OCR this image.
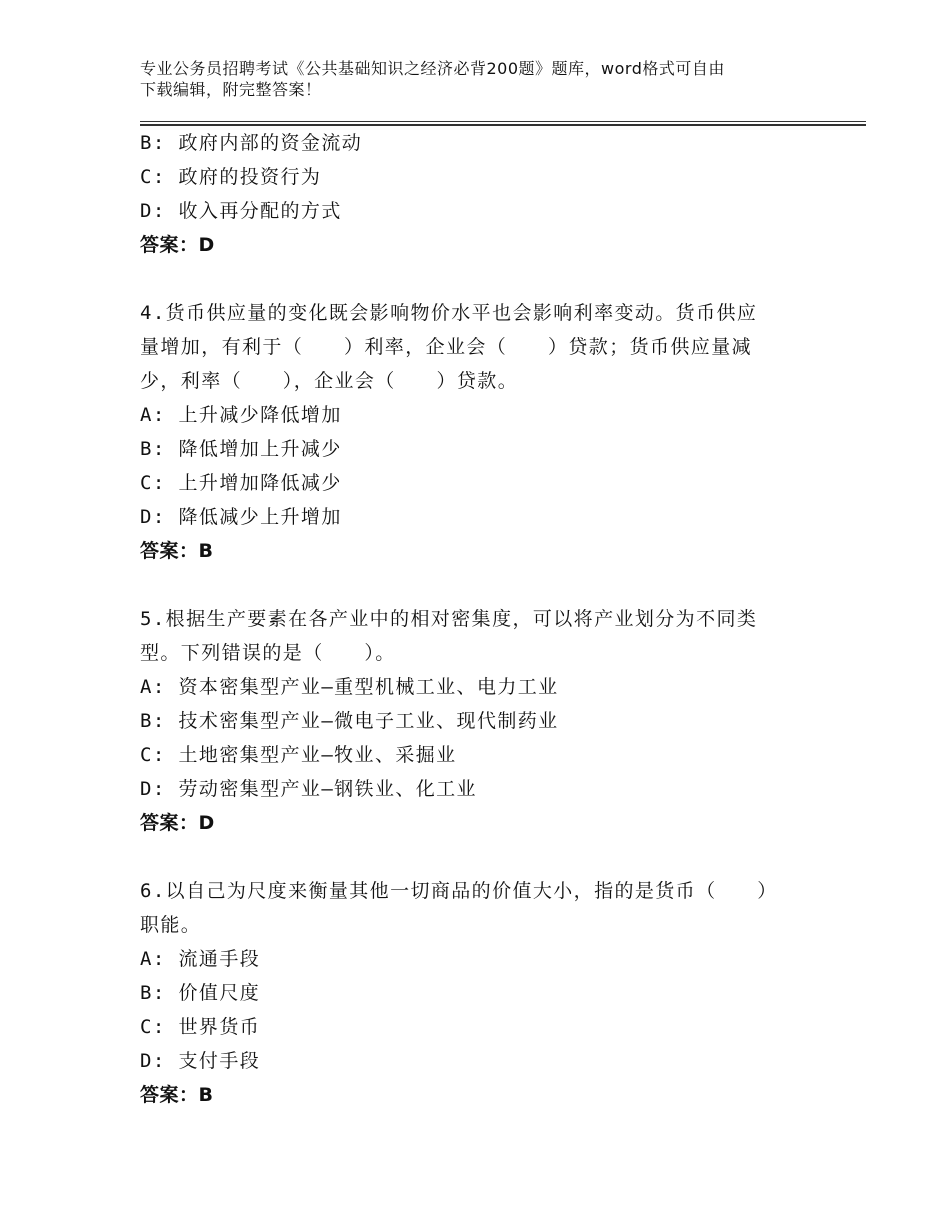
专业公务员招聘考试《公共基础知识之经济必背200题》题库，word格式可自由
下载编辑，附完整答案！
B: 政府内部的资金流动
C: 政府的投资行为
D: 收入再分配的方式
答案：D
4.货币供应量的变化既会影响物价水平也会影响利率变动。货币供应
量增加，有利于（　　）利率，企业会（　　）贷款；货币供应量减
少，利率（　　），企业会（　　）贷款。
A: 上升减少降低增加
B: 降低增加上升减少
C: 上升增加降低减少
D: 降低减少上升增加
答案：B
5.根据生产要素在各产业中的相对密集度，可以将产业划分为不同类
型。下列错误的是（　　）。
A: 资本密集型产业—重型机械工业、电力工业
B: 技术密集型产业—微电子工业、现代制药业
C: 土地密集型产业—牧业、采掘业
D: 劳动密集型产业—钢铁业、化工业
答案：D
6.以自己为尺度来衡量其他一切商品的价值大小，指的是货币（　　）
职能。
A: 流通手段
B: 价值尺度
C: 世界货币
D: 支付手段
答案：B
